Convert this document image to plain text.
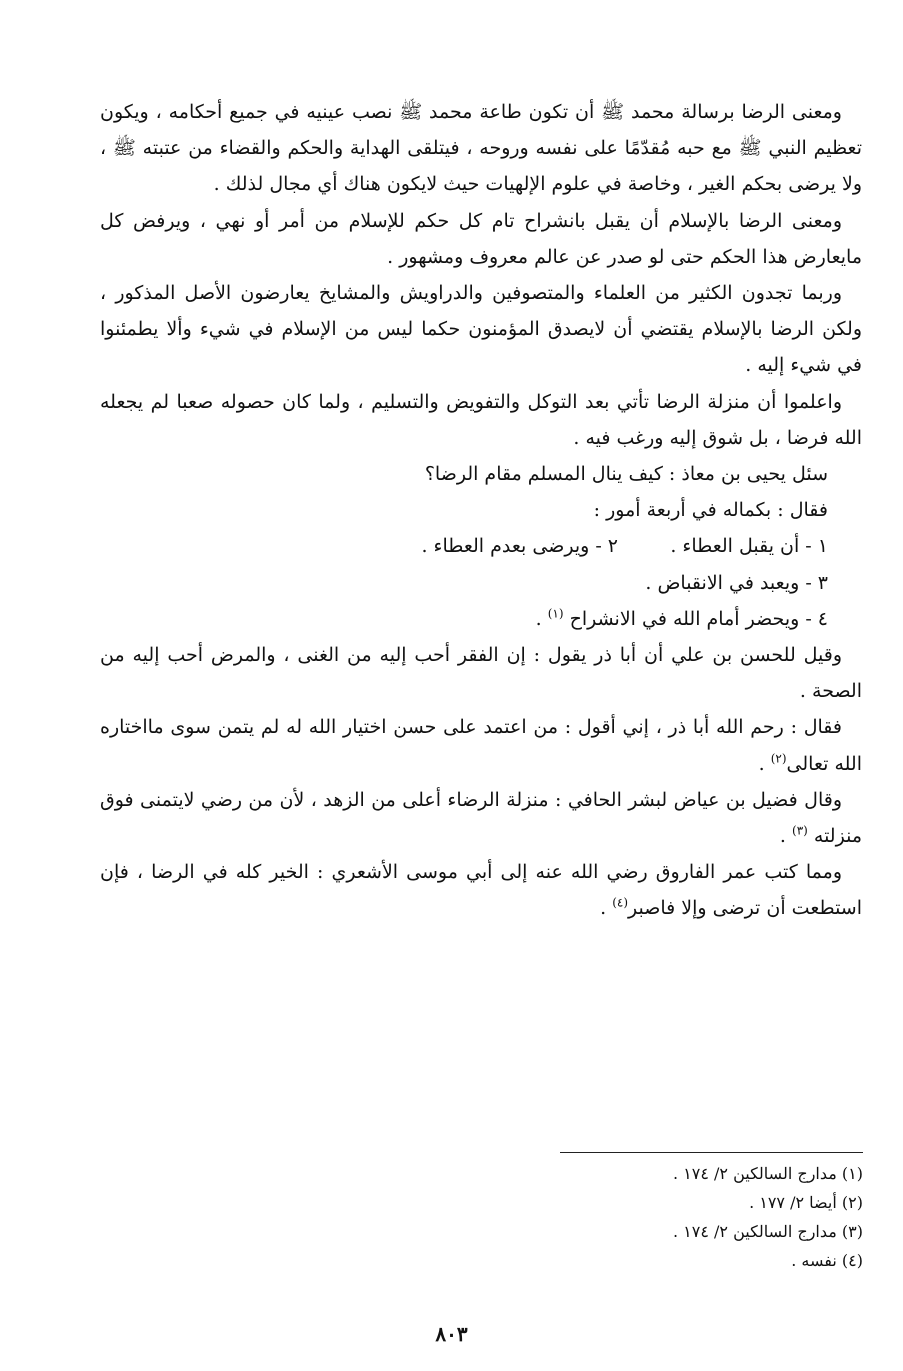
ومعنى الرضا برسالة محمد ﷺ أن تكون طاعة محمد ﷺ نصب عينيه في جميع أحكامه ، ويكون تعظيم النبي ﷺ مع حبه مُقدّمًا على نفسه وروحه ، فيتلقى الهداية والحكم والقضاء من عتبته ﷺ ، ولا يرضى بحكم الغير ، وخاصة في علوم الإلهيات حيث لايكون هناك أي مجال لذلك .

ومعنى الرضا بالإسلام أن يقبل بانشراح تام كل حكم للإسلام من أمر أو نهي ، ويرفض كل مايعارض هذا الحكم حتى لو صدر عن عالم معروف ومشهور .

وربما تجدون الكثير من العلماء والمتصوفين والدراويش والمشايخ يعارضون الأصل المذكور ، ولكن الرضا بالإسلام يقتضي أن لايصدق المؤمنون حكما ليس من الإسلام في شيء وألا يطمئنوا في شيء إليه .

واعلموا أن منزلة الرضا تأتي بعد التوكل والتفويض والتسليم ، ولما كان حصوله صعبا لم يجعله الله فرضا ، بل شوق إليه ورغب فيه .

سئل يحيى بن معاذ : كيف ينال المسلم مقام الرضا؟

فقال : بكماله في أربعة أمور :

١ - أن يقبل العطاء .
٢ - ويرضى بعدم العطاء .

٣ - ويعبد في الانقباض .

٤ - ويحضر أمام الله في الانشراح $^{(١)}$ .

وقيل للحسن بن علي أن أبا ذر يقول : إن الفقر أحب إليه من الغنى ، والمرض أحب إليه من الصحة .

فقال : رحم الله أبا ذر ، إني أقول : من اعتمد على حسن اختيار الله له لم يتمن سوى مااختاره الله تعالى$^{(٢)}$ .

وقال فضيل بن عياض لبشر الحافي : منزلة الرضاء أعلى من الزهد ، لأن من رضي لايتمنى فوق منزلته $^{(٣)}$ .

ومما كتب عمر الفاروق رضي الله عنه إلى أبي موسى الأشعري : الخير كله في الرضا ، فإن استطعت أن ترضى وإلا فاصبر$^{(٤)}$ .

(١) مدارج السالكين ٢/ ١٧٤ .

(٢) أيضا ٢/ ١٧٧ .

(٣) مدارج السالكين ٢/ ١٧٤ .

(٤) نفسه .

٨٠٣
